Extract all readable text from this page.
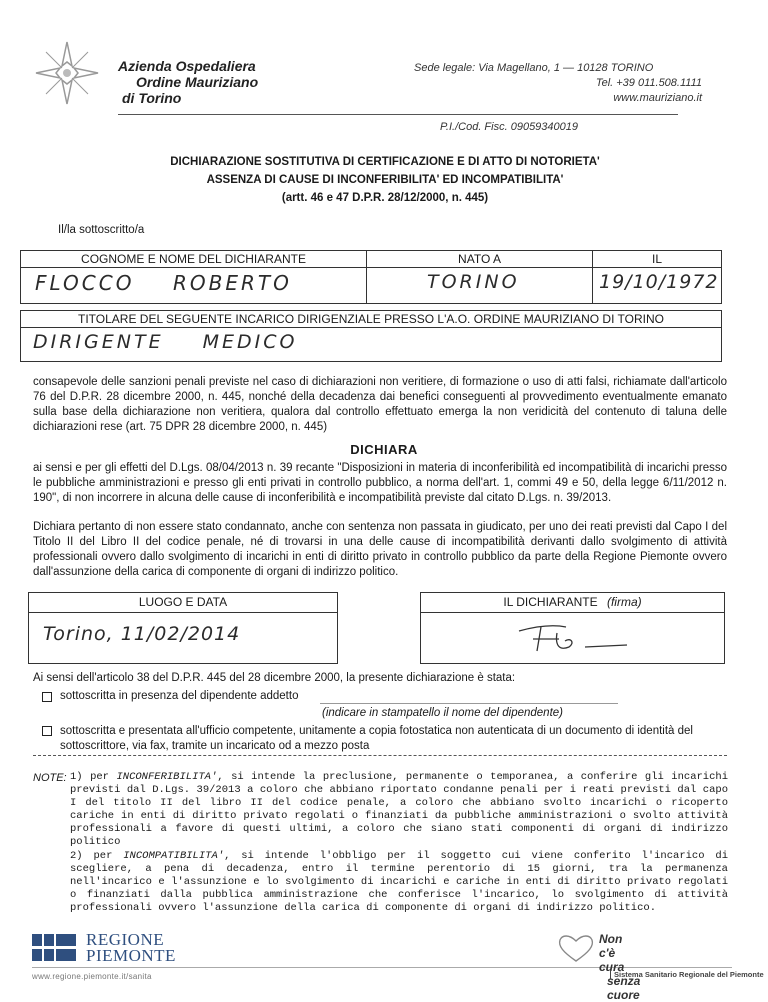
Azienda Ospedaliera
Ordine Mauriziano
di Torino
Sede legale: Via Magellano, 1 — 10128 TORINO
Tel. +39 011.508.1111
www.mauriziano.it
P.I./Cod. Fisc. 09059340019
DICHIARAZIONE SOSTITUTIVA DI CERTIFICAZIONE E DI ATTO DI NOTORIETA'
ASSENZA DI CAUSE DI INCONFERIBILITA' ED INCOMPATIBILITA'
(artt. 46 e 47 D.P.R. 28/12/2000, n. 445)
Il/la sottoscritto/a
COGNOME E NOME DEL DICHIARANTE
FLOCCO ROBERTO
NATO A
TORINO
IL
19/10/1972
TITOLARE DEL SEGUENTE INCARICO DIRIGENZIALE PRESSO L'A.O. ORDINE MAURIZIANO DI TORINO
DIRIGENTE MEDICO
consapevole delle sanzioni penali previste nel caso di dichiarazioni non veritiere, di formazione o uso di atti falsi, richiamate dall'articolo 76 del D.P.R. 28 dicembre 2000, n. 445, nonché della decadenza dai benefici conseguenti al provvedimento eventualmente emanato sulla base della dichiarazione non veritiera, qualora dal controllo effettuato emerga la non veridicità del contenuto di taluna delle dichiarazioni rese (art. 75 DPR 28 dicembre 2000, n. 445)
DICHIARA
ai sensi e per gli effetti del D.Lgs. 08/04/2013 n. 39 recante "Disposizioni in materia di inconferibilità ed incompatibilità di incarichi presso le pubbliche amministrazioni e presso gli enti privati in controllo pubblico, a norma dell'art. 1, commi 49 e 50, della legge 6/11/2012 n. 190", di non incorrere in alcuna delle cause di inconferibilità e incompatibilità previste dal citato D.Lgs. n. 39/2013.
Dichiara pertanto di non essere stato condannato, anche con sentenza non passata in giudicato, per uno dei reati previsti dal Capo I del Titolo II del Libro II del codice penale, né di trovarsi in una delle cause di incompatibilità derivanti dallo svolgimento di attività professionali ovvero dallo svolgimento di incarichi in enti di diritto privato in controllo pubblico da parte della Regione Piemonte ovvero dall'assunzione della carica di componente di organi di indirizzo politico.
LUOGO E DATA
Torino, 11/02/2014
IL DICHIARANTE (firma)
Ai sensi dell'articolo 38 del D.P.R. 445 del 28 dicembre 2000, la presente dichiarazione è stata:
sottoscritta in presenza del dipendente addetto
(indicare in stampatello il nome del dipendente)
sottoscritta e presentata all'ufficio competente, unitamente a copia fotostatica non autenticata di un documento di identità del sottoscrittore, via fax, tramite un incaricato od a mezzo posta
NOTE: 1) per INCONFERIBILITA', si intende la preclusione, permanente o temporanea, a conferire gli incarichi previsti dal D.Lgs. 39/2013 a coloro che abbiano riportato condanne penali per i reati previsti dal capo I del titolo II del libro II del codice penale, a coloro che abbiano svolto incarichi o ricoperto cariche in enti di diritto privato regolati o finanziati da pubbliche amministrazioni o svolto attività professionali a favore di questi ultimi, a coloro che siano stati componenti di organi di indirizzo politico
2) per INCOMPATIBILITA', si intende l'obbligo per il soggetto cui viene conferito l'incarico di scegliere, a pena di decadenza, entro il termine perentorio di 15 giorni, tra la permanenza nell'incarico e l'assunzione e lo svolgimento di incarichi e cariche in enti di diritto privato regolati o finanziati dalla pubblica amministrazione che conferisce l'incarico, lo svolgimento di attività professionali ovvero l'assunzione della carica di componente di organi di indirizzo politico.
REGIONE
PIEMONTE
www.regione.piemonte.it/sanita
Non c'è cura
senza cuore
Sistema Sanitario Regionale del Piemonte
